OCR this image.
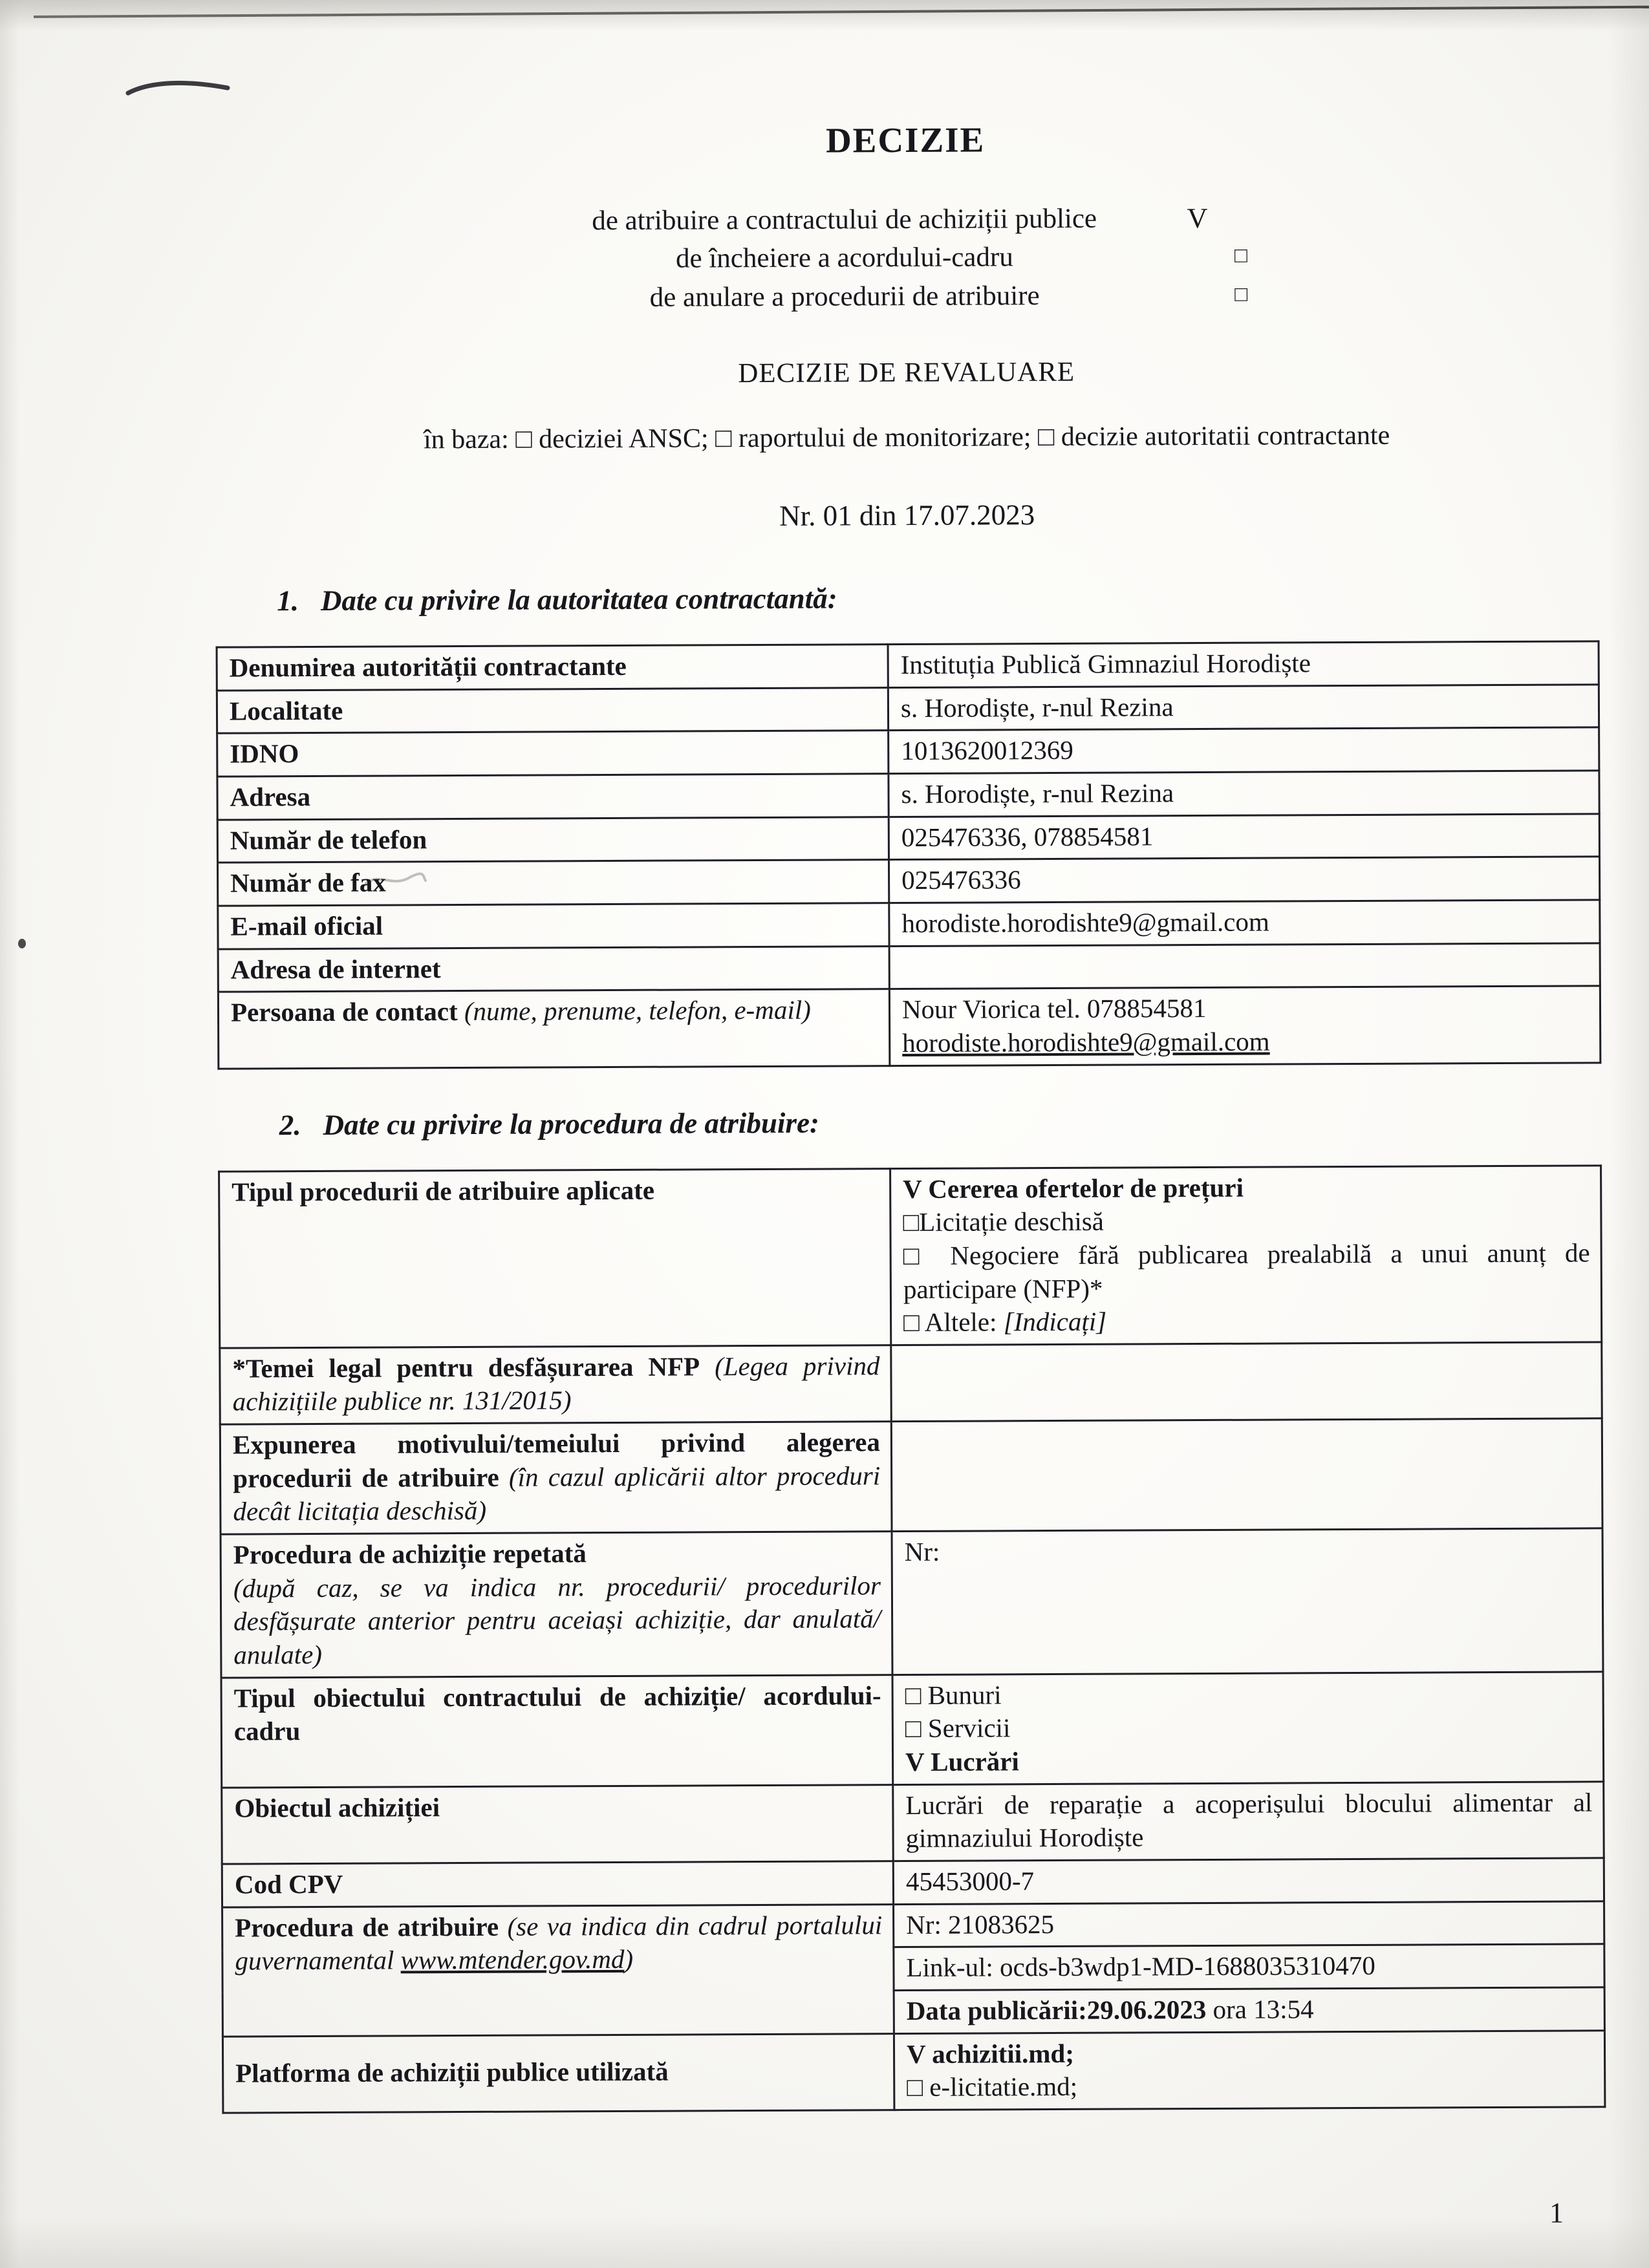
DECIZIE
de atribuire a contractului de achiziții publice	V
de încheiere a acordului-cadru	□
de anulare a procedurii de atribuire	□
DECIZIE DE REVALUARE
în baza: □ deciziei ANSC; □ raportului de monitorizare; □ decizie autoritatii contractante
Nr. 01 din 17.07.2023
1. Date cu privire la autoritatea contractantă:
Denumirea autorității contractante	Instituția Publică Gimnaziul Horodiște
Localitate	s. Horodiște, r-nul Rezina
IDNO	1013620012369
Adresa	s. Horodiște, r-nul Rezina
Număr de telefon	025476336, 078854581
Număr de fax	025476336
E-mail oficial	horodiste.horodishte9@gmail.com
Adresa de internet	
Persoana de contact (nume, prenume, telefon, e-mail)	Nour Viorica tel. 078854581
horodiste.horodishte9@gmail.com
2. Date cu privire la procedura de atribuire:
Tipul procedurii de atribuire aplicate	V Cererea ofertelor de prețuri
□Licitație deschisă
□ Negociere fără publicarea prealabilă a unui anunț de participare (NFP)*
□ Altele: [Indicați]

*Temei legal pentru desfășurarea NFP (Legea privind achizițiile publice nr. 131/2015)	
Expunerea motivului/temeiului privind alegerea procedurii de atribuire (în cazul aplicării altor proceduri decât licitația deschisă)	
Procedura de achiziție repetată
(după caz, se va indica nr. procedurii/ procedurilor desfășurate anterior pentru aceiași achiziție, dar anulată/ anulate)	Nr:
Tipul obiectului contractului de achiziție/ acordului-cadru	□ Bunuri
□ Servicii
V Lucrări

Obiectul achiziției	Lucrări de reparație a acoperișului blocului alimentar al gimnaziului Horodiște
Cod CPV	45453000-7
Procedura de atribuire (se va indica din cadrul portalului guvernamental www.mtender.gov.md)	Nr: 21083625
	Link-ul: ocds-b3wdp1-MD-1688035310470
	Data publicării:29.06.2023 ora 13:54
Platforma de achiziții publice utilizată	V achizitii.md;
□ e-licitatie.md;
1
